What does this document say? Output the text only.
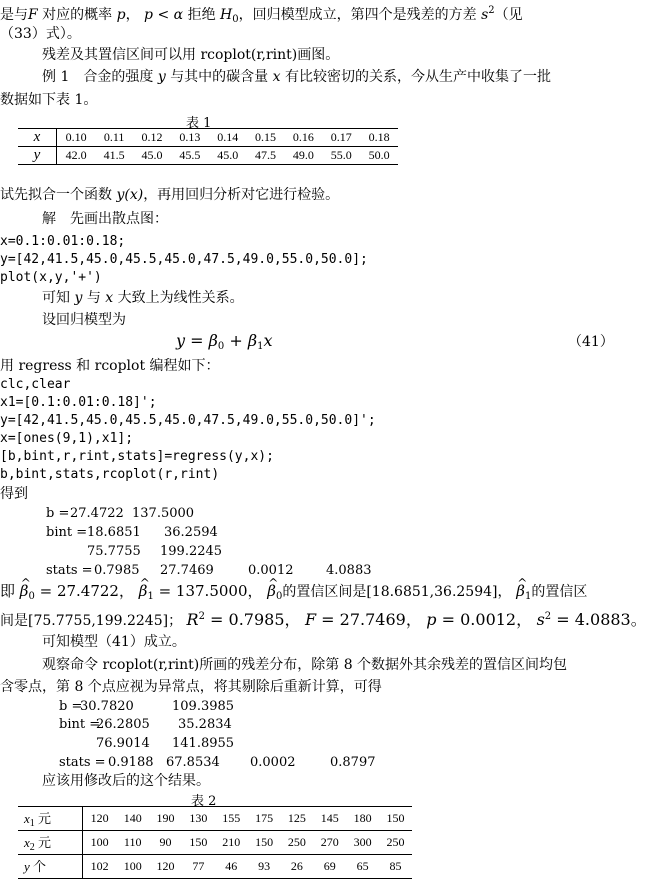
是与F 对应的概率 p， p < α 拒绝 $H_0$，回归模型成立，第四个是残差的方差 $s^2$（见
（33）式）。
残差及其置信区间可以用 rcoplot(r,rint)画图。
例 1　合金的强度 y 与其中的碳含量 x 有比较密切的关系，今从生产中收集了一批
数据如下表 1。
表 1
x	0.10	0.11	0.12	0.13	0.14	0.15	0.16	0.17	0.18
y	42.0	41.5	45.0	45.5	45.0	47.5	49.0	55.0	50.0
试先拟合一个函数 y(x)，再用回归分析对它进行检验。
解　先画出散点图：
x=0.1:0.01:0.18;
y=[42,41.5,45.0,45.5,45.0,47.5,49.0,55.0,50.0];
plot(x,y,'+')
可知 y 与 x 大致上为线性关系。
设回归模型为
$y = \beta_0 + \beta_1x$	（41）
用 regress 和 rcoplot 编程如下：
clc,clear
x1=[0.1:0.01:0.18]';
y=[42,41.5,45.0,45.5,45.0,47.5,49.0,55.0,50.0]';
x=[ones(9,1),x1];
[b,bint,r,rint,stats]=regress(y,x);
b,bint,stats,rcoplot(r,rint)
得到
b = 27.4722 137.5000
bint = 18.6851 36.2594
75.7755 199.2245
stats = 0.7985 27.7469	0.0012	4.0883
即 ^ $\beta_0 = 27.4722$， ^ $\beta_1 = 137.5000$， ^ $\beta_0$的置信区间是[18.6851,36.2594]， ^ $\beta_1$的置信区
间是[75.7755,199.2245]； $R^2 = 0.7985$， F = 27.7469， p = 0.0012， $s^2 = 4.0883$。
可知模型（41）成立。
观察命令 rcoplot(r,rint)所画的残差分布，除第 8 个数据外其余残差的置信区间均包
含零点，第 8 个点应视为异常点，将其剔除后重新计算，可得
b =
30.7820	109.3985
bint =
26.2805 35.2834
76.9014 141.8955
stats = 0.9188 67.8534 0.0002	0.8797
应该用修改后的这个结果。
表 2
$x_1$ 元	120	140	190	130	155	175	125	145	180	150
$x_2$ 元	100	110	90	150	210	150	250	270	300	250
y 个	102	100	120	77	46	93	26	69	65	85
